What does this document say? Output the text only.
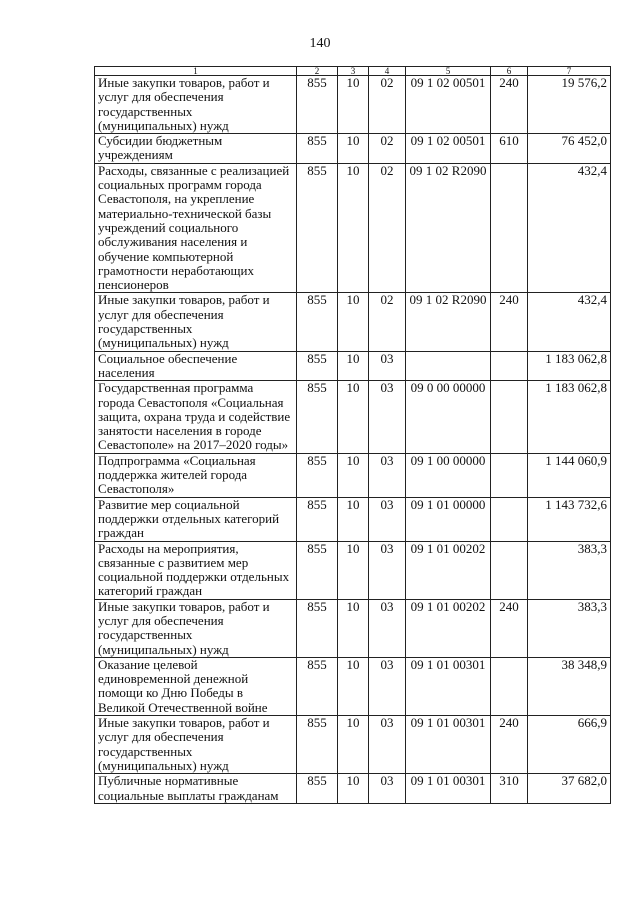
140
1	2	3	4	5	6	7
Иные закупки товаров, работ и услуг для обеспечения государственных (муниципальных) нужд	855	10	02	09 1 02 00501	240	19 576,2
Субсидии бюджетным учреждениям	855	10	02	09 1 02 00501	610	76 452,0
Расходы, связанные с реализацией социальных программ города Севастополя, на укрепление материально-технической базы учреждений социального обслуживания населения и обучение компьютерной грамотности неработающих пенсионеров	855	10	02	09 1 02 R2090		432,4
Иные закупки товаров, работ и услуг для обеспечения государственных (муниципальных) нужд	855	10	02	09 1 02 R2090	240	432,4
Социальное обеспечение населения	855	10	03			1 183 062,8
Государственная программа города Севастополя «Социальная защита, охрана труда и содействие занятости населения в городе Севастополе» на 2017–2020 годы»	855	10	03	09 0 00 00000		1 183 062,8
Подпрограмма «Социальная поддержка жителей города Севастополя»	855	10	03	09 1 00 00000		1 144 060,9
Развитие мер социальной поддержки отдельных категорий граждан	855	10	03	09 1 01 00000		1 143 732,6
Расходы на мероприятия, связанные с развитием мер социальной поддержки отдельных категорий граждан	855	10	03	09 1 01 00202		383,3
Иные закупки товаров, работ и услуг для обеспечения государственных (муниципальных) нужд	855	10	03	09 1 01 00202	240	383,3
Оказание целевой единовременной денежной помощи ко Дню Победы в Великой Отечественной войне	855	10	03	09 1 01 00301		38 348,9
Иные закупки товаров, работ и услуг для обеспечения государственных (муниципальных) нужд	855	10	03	09 1 01 00301	240	666,9
Публичные нормативные социальные выплаты гражданам	855	10	03	09 1 01 00301	310	37 682,0
